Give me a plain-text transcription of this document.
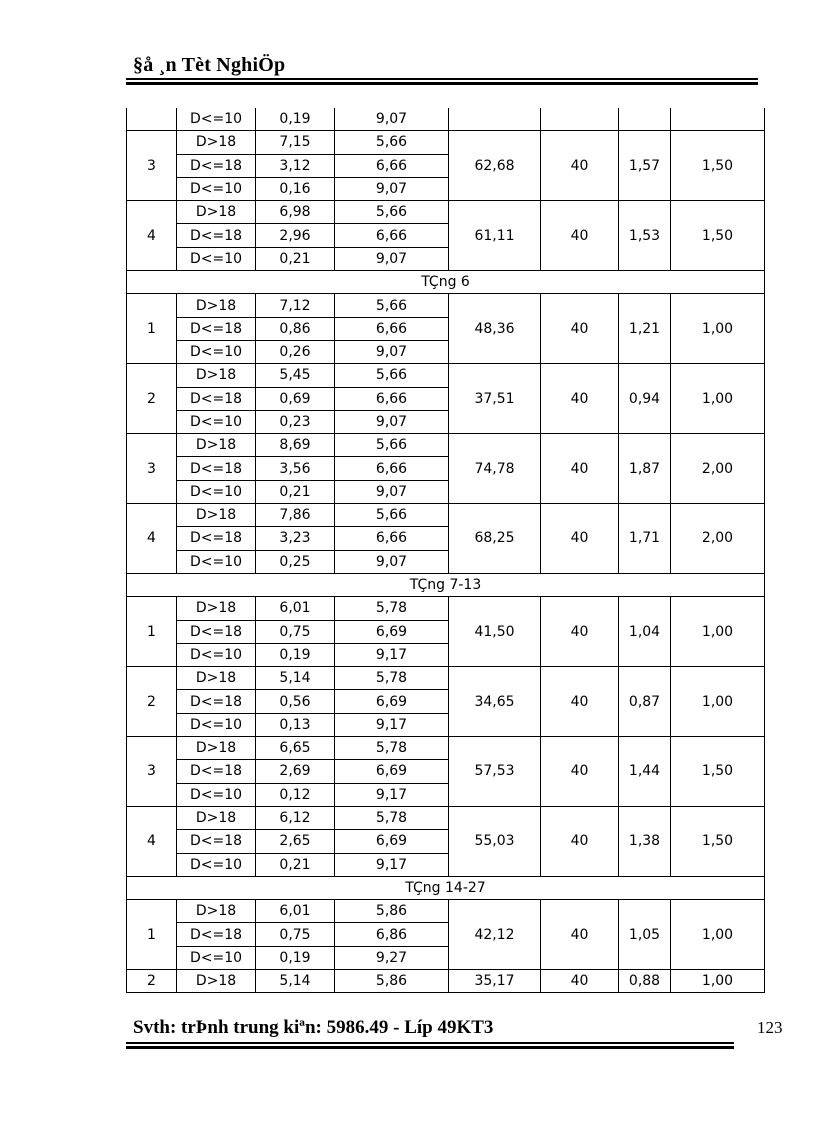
§å ¸n Tèt NghiÖp
	D<=10	0,19	9,07				
3	D>18	7,15	5,66	62,68	40	1,57	1,50
	D<=18	3,12	6,66				
	D<=10	0,16	9,07				
4	D>18	6,98	5,66	61,11	40	1,53	1,50
	D<=18	2,96	6,66				
	D<=10	0,21	9,07				
TÇng 6							
1	D>18	7,12	5,66	48,36	40	1,21	1,00
	D<=18	0,86	6,66				
	D<=10	0,26	9,07				
2	D>18	5,45	5,66	37,51	40	0,94	1,00
	D<=18	0,69	6,66				
	D<=10	0,23	9,07				
3	D>18	8,69	5,66	74,78	40	1,87	2,00
	D<=18	3,56	6,66				
	D<=10	0,21	9,07				
4	D>18	7,86	5,66	68,25	40	1,71	2,00
	D<=18	3,23	6,66				
	D<=10	0,25	9,07				
TÇng 7-13							
1	D>18	6,01	5,78	41,50	40	1,04	1,00
	D<=18	0,75	6,69				
	D<=10	0,19	9,17				
2	D>18	5,14	5,78	34,65	40	0,87	1,00
	D<=18	0,56	6,69				
	D<=10	0,13	9,17				
3	D>18	6,65	5,78	57,53	40	1,44	1,50
	D<=18	2,69	6,69				
	D<=10	0,12	9,17				
4	D>18	6,12	5,78	55,03	40	1,38	1,50
	D<=18	2,65	6,69				
	D<=10	0,21	9,17				
TÇng 14-27							
1	D>18	6,01	5,86	42,12	40	1,05	1,00
	D<=18	0,75	6,86				
	D<=10	0,19	9,27				
2	D>18	5,14	5,86	35,17	40	0,88	1,00
Svth: trÞnh trung kiªn: 5986.49 - Líp 49KT3	123
